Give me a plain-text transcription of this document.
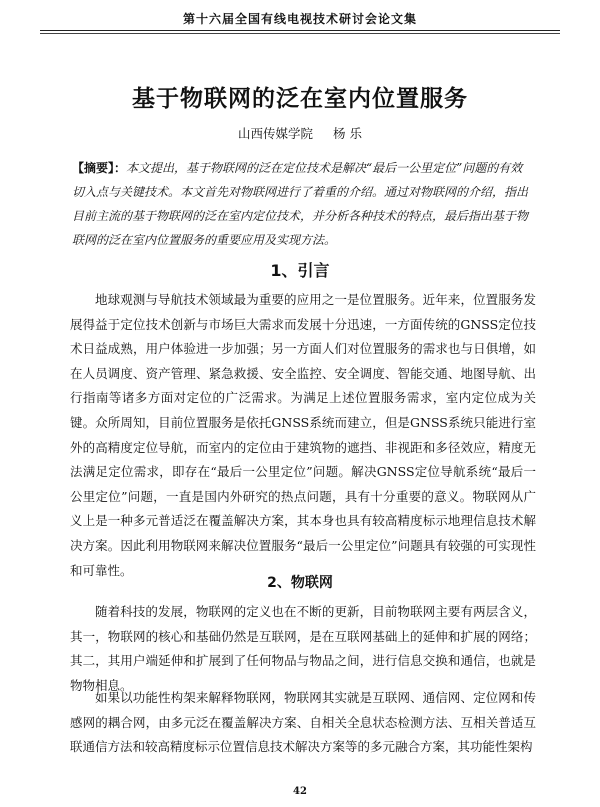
第十六届全国有线电视技术研讨会论文集
基于物联网的泛在室内位置服务
山西传媒学院 杨 乐
【摘要】：本文提出，基于物联网的泛在定位技术是解决“最后一公里定位”问题的有效切入点与关键技术。本文首先对物联网进行了着重的介绍。通过对物联网的介绍，指出目前主流的基于物联网的泛在室内定位技术，并分析各种技术的特点，最后指出基于物联网的泛在室内位置服务的重要应用及实现方法。
1、引言

地球观测与导航技术领域最为重要的应用之一是位置服务。近年来，位置服务发展得益于定位技术创新与市场巨大需求而发展十分迅速，一方面传统的GNSS定位技术日益成熟，用户体验进一步加强；另一方面人们对位置服务的需求也与日俱增，如在人员调度、资产管理、紧急救援、安全监控、安全调度、智能交通、地图导航、出行指南等诸多方面对定位的广泛需求。为满足上述位置服务需求，室内定位成为关键。众所周知，目前位置服务是依托GNSS系统而建立，但是GNSS系统只能进行室外的高精度定位导航，而室内的定位由于建筑物的遮挡、非视距和多径效应，精度无法满足定位需求，即存在“最后一公里定位”问题。解决GNSS定位导航系统“最后一公里定位”问题，一直是国内外研究的热点问题，具有十分重要的意义。物联网从广义上是一种多元普适泛在覆盖解决方案，其本身也具有较高精度标示地理信息技术解决方案。因此利用物联网来解决位置服务“最后一公里定位”问题具有较强的可实现性和可靠性。

2、物联网

随着科技的发展，物联网的定义也在不断的更新，目前物联网主要有两层含义，其一，物联网的核心和基础仍然是互联网，是在互联网基础上的延伸和扩展的网络；其二，其用户端延伸和扩展到了任何物品与物品之间，进行信息交换和通信，也就是物物相息。

如果以功能性构架来解释物联网，物联网其实就是互联网、通信网、定位网和传感网的耦合网，由多元泛在覆盖解决方案、自相关全息状态检测方法、互相关普适互联通信方法和较高精度标示位置信息技术解决方案等的多元融合方案，其功能性架构

42
